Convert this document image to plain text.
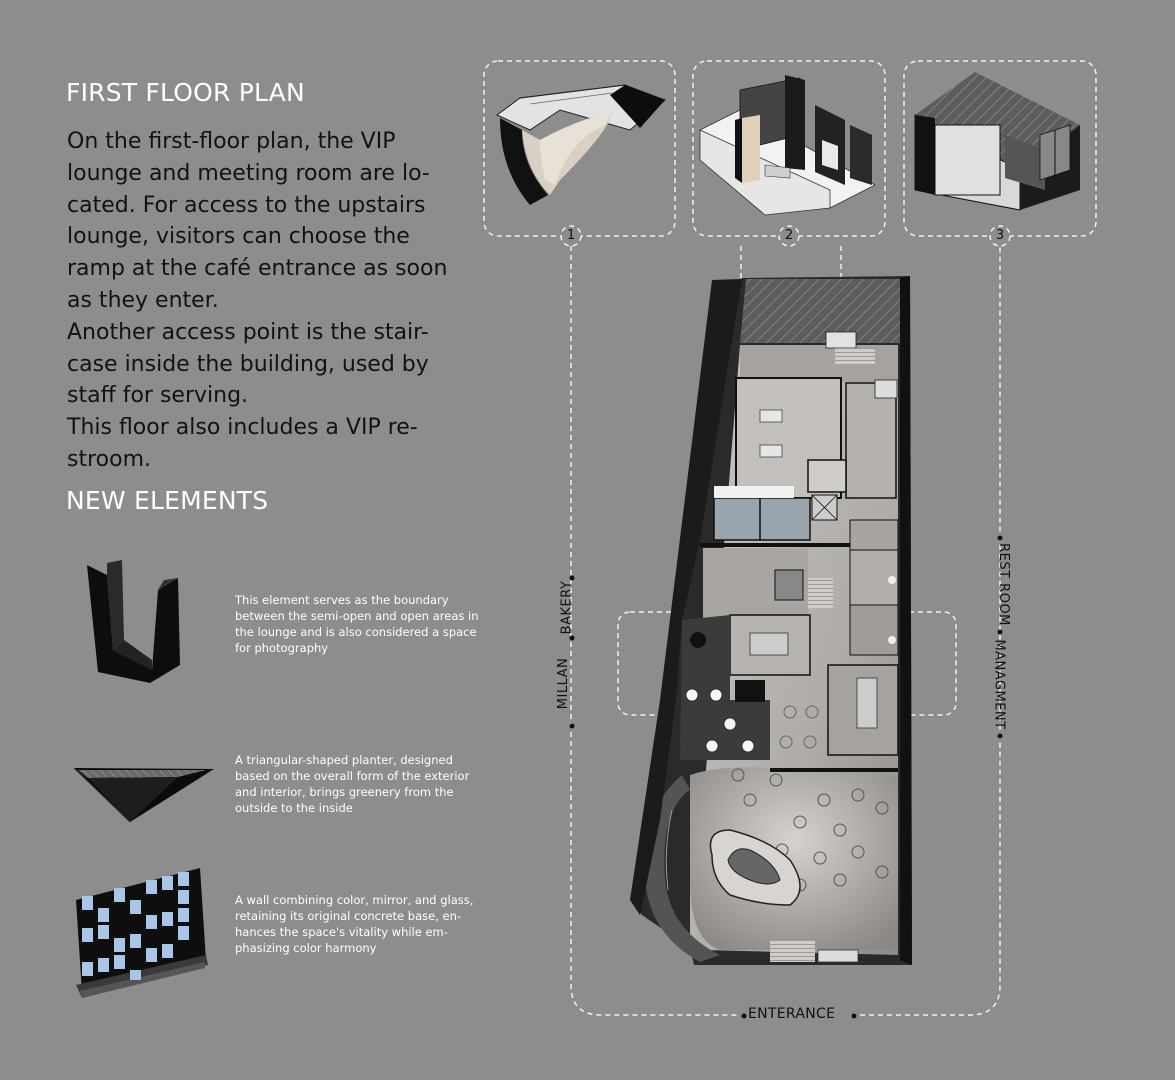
FIRST FLOOR PLAN

On the first-floor plan, the VIP lounge and meeting room are lo-cated. For access to the upstairs lounge, visitors can choose the ramp at the café entrance as soon as they enter.

Another access point is the stair-case inside the building, used by staff for serving.

This floor also includes a VIP re-stroom.

NEW ELEMENTS
This element serves as the boundary between the semi-open and open areas in the lounge and is also considered a space for photography
A triangular-shaped planter, designed based on the overall form of the exterior and interior, brings greenery from the outside to the inside
A wall combining color, mirror, and glass, retaining its original concrete base, en-hances the space's vitality while em-phasizing color harmony
1	2	3
MILLAN
BAKERY	REST ROOM
MANAGMENT
ENTERANCE
